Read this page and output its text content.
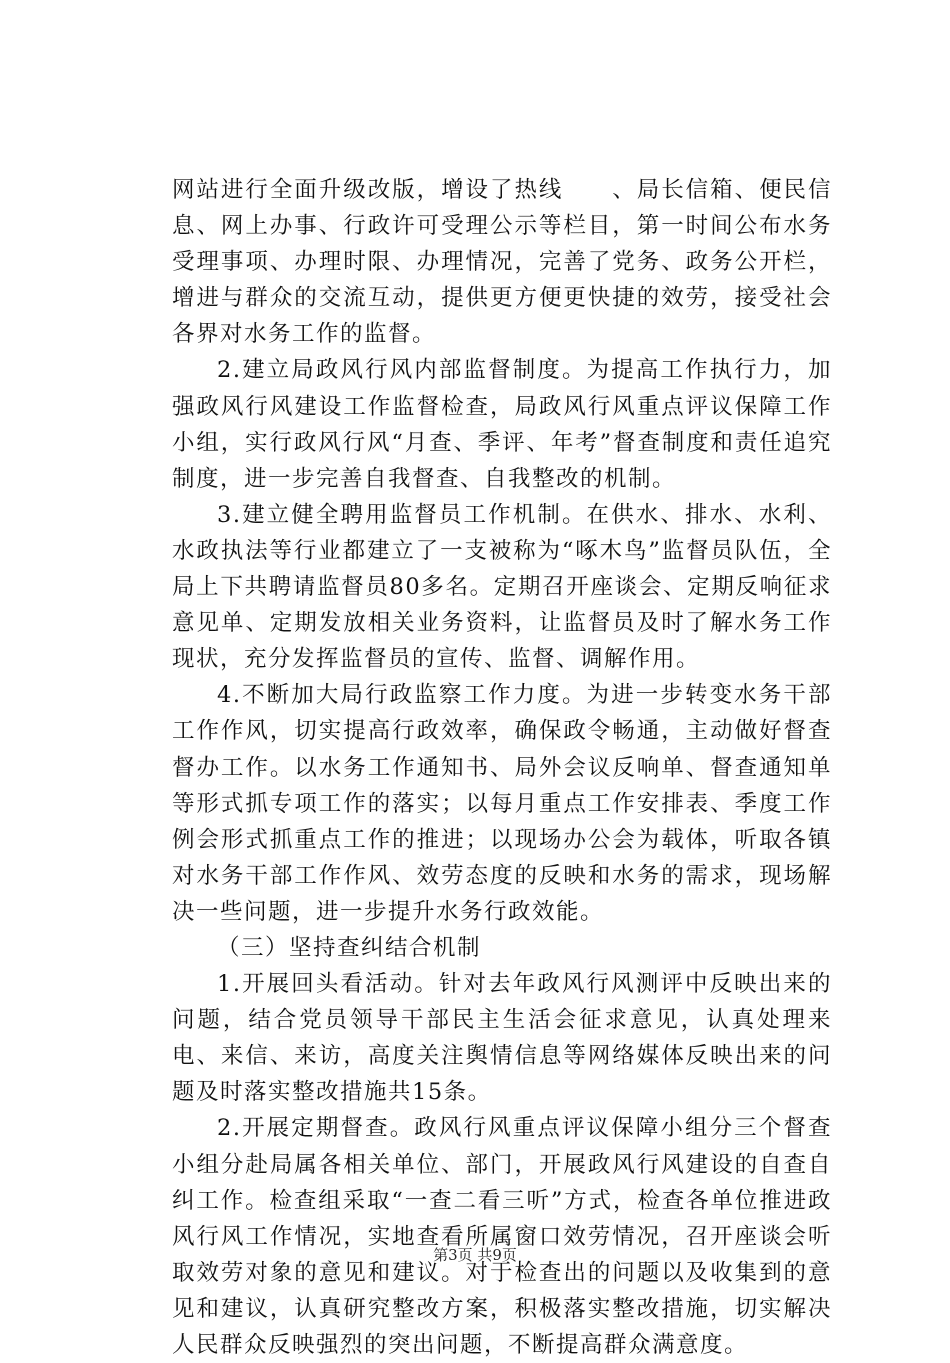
网站进行全面升级改版，增设了热线　　、局长信箱、便民信息、网上办事、行政许可受理公示等栏目，第一时间公布水务受理事项、办理时限、办理情况，完善了党务、政务公开栏，增进与群众的交流互动，提供更方便更快捷的效劳，接受社会各界对水务工作的监督。

2.建立局政风行风内部监督制度。为提高工作执行力，加强政风行风建设工作监督检查，局政风行风重点评议保障工作小组，实行政风行风“月查、季评、年考”督查制度和责任追究制度，进一步完善自我督查、自我整改的机制。

3.建立健全聘用监督员工作机制。在供水、排水、水利、水政执法等行业都建立了一支被称为“啄木鸟”监督员队伍，全局上下共聘请监督员80多名。定期召开座谈会、定期反响征求意见单、定期发放相关业务资料，让监督员及时了解水务工作现状，充分发挥监督员的宣传、监督、调解作用。

4.不断加大局行政监察工作力度。为进一步转变水务干部工作作风，切实提高行政效率，确保政令畅通，主动做好督查督办工作。以水务工作通知书、局外会议反响单、督查通知单等形式抓专项工作的落实；以每月重点工作安排表、季度工作例会形式抓重点工作的推进；以现场办公会为载体，听取各镇对水务干部工作作风、效劳态度的反映和水务的需求，现场解决一些问题，进一步提升水务行政效能。

（三）坚持查纠结合机制

1.开展回头看活动。针对去年政风行风测评中反映出来的问题，结合党员领导干部民主生活会征求意见，认真处理来电、来信、来访，高度关注舆情信息等网络媒体反映出来的问题及时落实整改措施共15条。

2.开展定期督查。政风行风重点评议保障小组分三个督查小组分赴局属各相关单位、部门，开展政风行风建设的自查自纠工作。检查组采取“一查二看三听”方式，检查各单位推进政风行风工作情况，实地查看所属窗口效劳情况，召开座谈会听取效劳对象的意见和建议。对于检查出的问题以及收集到的意见和建议，认真研究整改方案，积极落实整改措施，切实解决人民群众反映强烈的突出问题，不断提高群众满意度。

第3页 共9页
